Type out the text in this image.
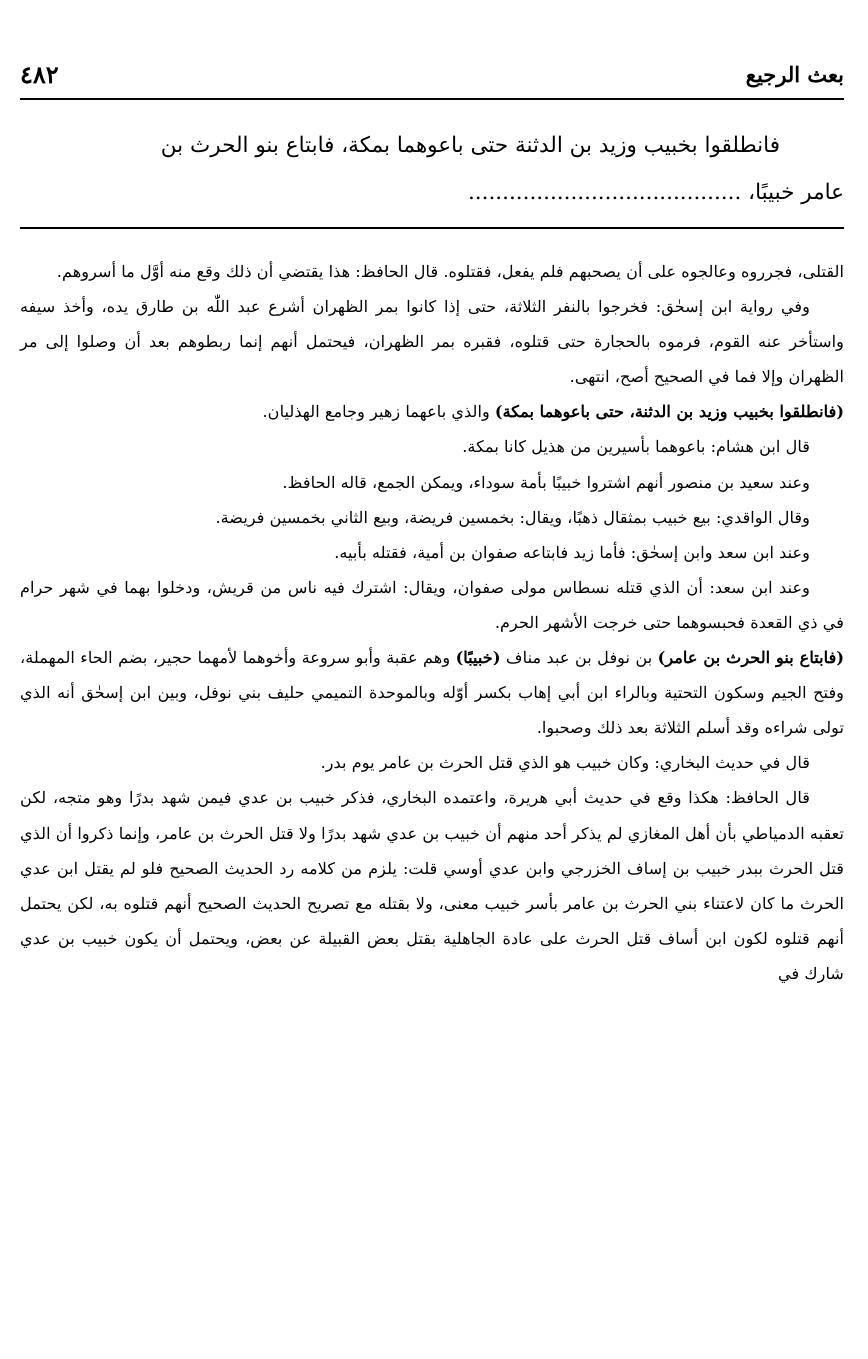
بعث الرجيع
٤٨٢
فانطلقوا بخبيب وزيد بن الدثنة حتى باعوهما بمكة، فابتاع بنو الحرث بن
عامر خبيبًا، ........................................

القتلى، فجرروه وعالجوه على أن يصحبهم فلم يفعل، فقتلوه. قال الحافظ: هذا يقتضي أن ذلك وقع منه أوَّل ما أسروهم.

وفي رواية ابن إسحٰق: فخرجوا بالنفر الثلاثة، حتى إذا كانوا بمر الظهران أشرع عبد اللّٰه بن طارق يده، وأخذ سيفه واستأخر عنه القوم، فرموه بالحجارة حتى قتلوه، فقبره بمر الظهران، فيحتمل أنهم إنما ربطوهم بعد أن وصلوا إلى مر الظهران وإلا فما في الصحيح أصح، انتهى.

(فانطلقوا بخبيب وزيد بن الدثنة، حتى باعوهما بمكة) والذي باعهما زهير وجامع الهذليان.

قال ابن هشام: باعوهما بأسيرين من هذيل كانا بمكة.

وعند سعيد بن منصور أنهم اشتروا خبيبًا بأمة سوداء، ويمكن الجمع، قاله الحافظ.

وقال الواقدي: بيع خبيب بمثقال ذهبًا، ويقال: بخمسين فريضة، وبيع الثاني بخمسين فريضة.

وعند ابن سعد وابن إسحٰق: فأما زيد فابتاعه صفوان بن أمية، فقتله بأبيه.

وعند ابن سعد: أن الذي قتله نسطاس مولى صفوان، ويقال: اشترك فيه ناس من قريش، ودخلوا بهما في شهر حرام في ذي القعدة فحبسوهما حتى خرجت الأشهر الحرم.

(فابتاع بنو الحرث بن عامر) بن نوفل بن عبد مناف (خبيبًا) وهم عقبة وأبو سروعة وأخوهما لأمهما حجير، بضم الحاء المهملة، وفتح الجيم وسكون التحتية وبالراء ابن أبي إهاب بكسر أوّله وبالموحدة التميمي حليف بني نوفل، وبين ابن إسحٰق أنه الذي تولى شراءه وقد أسلم الثلاثة بعد ذلك وصحبوا.

قال في حديث البخاري: وكان خبيب هو الذي قتل الحرث بن عامر يوم بدر.

قال الحافظ: هكذا وقع في حديث أبي هريرة، واعتمده البخاري، فذكر خبيب بن عدي فيمن شهد بدرًا وهو متجه، لكن تعقبه الدمياطي بأن أهل المغازي لم يذكر أحد منهم أن خبيب بن عدي شهد بدرًا ولا قتل الحرث بن عامر، وإنما ذكروا أن الذي قتل الحرث ببدر خبيب بن إساف الخزرجي وابن عدي أوسي قلت: يلزم من كلامه رد الحديث الصحيح فلو لم يقتل ابن عدي الحرث ما كان لاعتناء بني الحرث بن عامر بأسر خبيب معنى، ولا بقتله مع تصريح الحديث الصحيح أنهم قتلوه به، لكن يحتمل أنهم قتلوه لكون ابن أساف قتل الحرث على عادة الجاهلية بقتل بعض القبيلة عن بعض، ويحتمل أن يكون خبيب بن عدي شارك في
